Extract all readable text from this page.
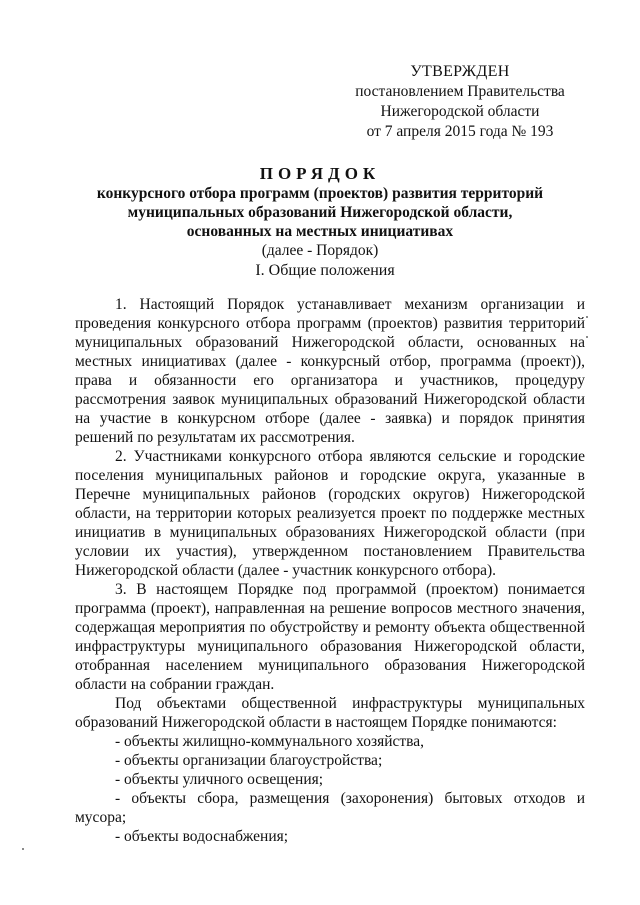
УТВЕРЖДЕН
постановлением Правительства
Нижегородской области
от 7 апреля 2015 года № 193
ПОРЯДОК
конкурсного отбора программ (проектов) развития территорий
муниципальных образований Нижегородской области,
основанных на местных инициативах
(далее - Порядок)
I. Общие положения

1. Настоящий Порядок устанавливает механизм организации и проведения конкурсного отбора программ (проектов) развития территорий муниципальных образований Нижегородской области, основанных на местных инициативах (далее - конкурсный отбор, программа (проект)), права и обязанности его организатора и участников, процедуру рассмотрения заявок муниципальных образований Нижегородской области на участие в конкурсном отборе (далее - заявка) и порядок принятия решений по результатам их рассмотрения.

2. Участниками конкурсного отбора являются сельские и городские поселения муниципальных районов и городские округа, указанные в Перечне муниципальных районов (городских округов) Нижегородской области, на территории которых реализуется проект по поддержке местных инициатив в муниципальных образованиях Нижегородской области (при условии их участия), утвержденном постановлением Правительства Нижегородской области (далее - участник конкурсного отбора).

3. В настоящем Порядке под программой (проектом) понимается программа (проект), направленная на решение вопросов местного значения, содержащая мероприятия по обустройству и ремонту объекта общественной инфраструктуры муниципального образования Нижегородской области, отобранная населением муниципального образования Нижегородской области на собрании граждан.

Под объектами общественной инфраструктуры муниципальных образований Нижегородской области в настоящем Порядке понимаются:

- объекты жилищно-коммунального хозяйства,

- объекты организации благоустройства;

- объекты уличного освещения;

- объекты сбора, размещения (захоронения) бытовых отходов и мусора;

- объекты водоснабжения;
